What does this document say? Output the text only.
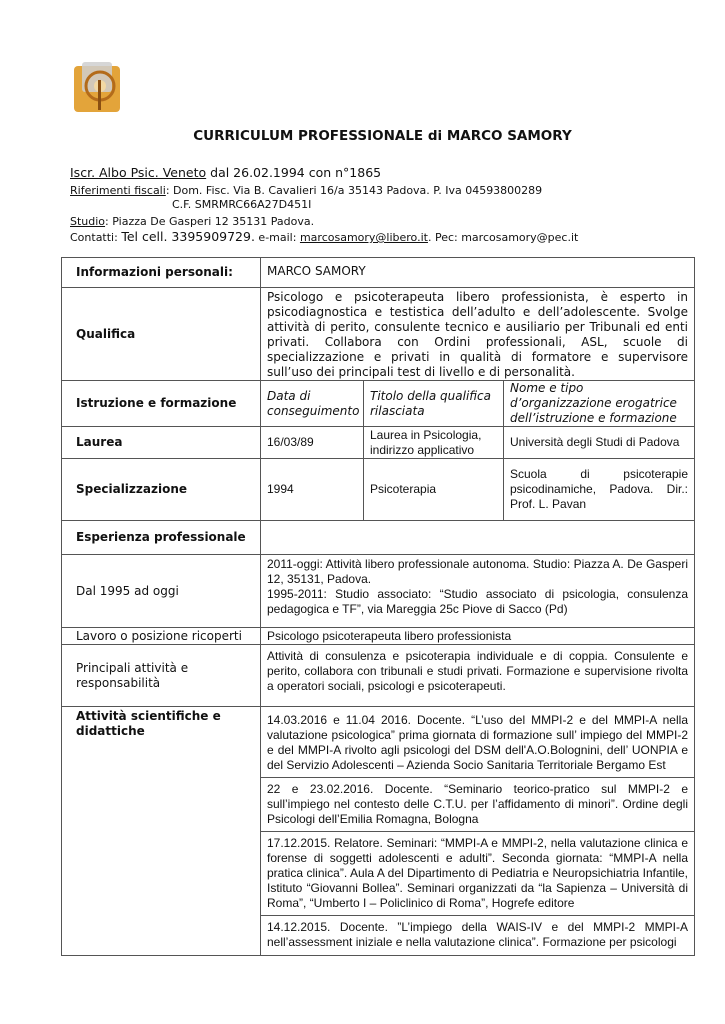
CURRICULUM PROFESSIONALE di MARCO SAMORY
Iscr. Albo Psic. Veneto dal 26.02.1994 con n°1865
Riferimenti fiscali: Dom. Fisc. Via B. Cavalieri 16/a 35143 Padova. P. Iva 04593800289
C.F. SMRMRC66A27D451I
Studio: Piazza De Gasperi 12 35131 Padova.
Contatti: Tel cell. 3395909729. e-mail: marcosamory@libero.it. Pec: marcosamory@pec.it
Informazioni personali:	MARCO SAMORY		
Qualifica	Psicologo e psicoterapeuta libero professionista, è esperto in psicodiagnostica e testistica dell’adulto e dell’adolescente. Svolge attività di perito, consulente tecnico e ausiliario per Tribunali ed enti privati. Collabora con Ordini professionali, ASL, scuole di specializzazione e privati in qualità di formatore e supervisore sull’uso dei principali test di livello e di personalità.		
Istruzione e formazione	Data di conseguimento	Titolo della qualifica rilasciata	Nome e tipo d’organizzazione erogatrice dell’istruzione e formazione
Laurea	16/03/89	Laurea in Psicologia, indirizzo applicativo	Università degli Studi di Padova
Specializzazione	1994	Psicoterapia	Scuola di psicoterapie psicodinamiche, Padova. Dir.: Prof. L. Pavan
Esperienza professionale			
Dal 1995 ad oggi	2011-oggi: Attività libero professionale autonoma. Studio: Piazza A. De Gasperi 12, 35131, Padova.
1995-2011: Studio associato: “Studio associato di psicologia, consulenza pedagogica e TF”, via Mareggia 25c Piove di Sacco (Pd)		

Lavoro o posizione ricoperti	Psicologo psicoterapeuta libero professionista		
Principali attività e responsabilità	Attività di consulenza e psicoterapia individuale e di coppia. Consulente e perito, collabora con tribunali e studi privati. Formazione e supervisione rivolta a operatori sociali, psicologi e psicoterapeuti.		
Attività scientifiche e didattiche	14.03.2016 e 11.04 2016. Docente. “L’uso del MMPI-2 e del MMPI-A nella valutazione psicologica” prima giornata di formazione sull’ impiego del MMPI-2 e del MMPI-A rivolto agli psicologi del DSM dell'A.O.Bolognini, dell’ UONPIA e del Servizio Adolescenti – Azienda Socio Sanitaria Territoriale Bergamo Est
22 e 23.02.2016. Docente. “Seminario teorico-pratico sul MMPI-2 e sull’impiego nel contesto delle C.T.U. per l’affidamento di minori”. Ordine degli Psicologi dell’Emilia Romagna, Bologna
17.12.2015. Relatore. Seminari: “MMPI-A e MMPI-2, nella valutazione clinica e forense di soggetti adolescenti e adulti”. Seconda giornata: “MMPI-A nella pratica clinica”. Aula A del Dipartimento di Pediatria e Neuropsichiatria Infantile, Istituto “Giovanni Bollea”. Seminari organizzati da “la Sapienza – Università di Roma”, “Umberto I – Policlinico di Roma”, Hogrefe editore
14.12.2015. Docente. ”L’impiego della WAIS-IV e del MMPI-2 MMPI-A nell’assessment iniziale e nella valutazione clinica”. Formazione per psicologi		
